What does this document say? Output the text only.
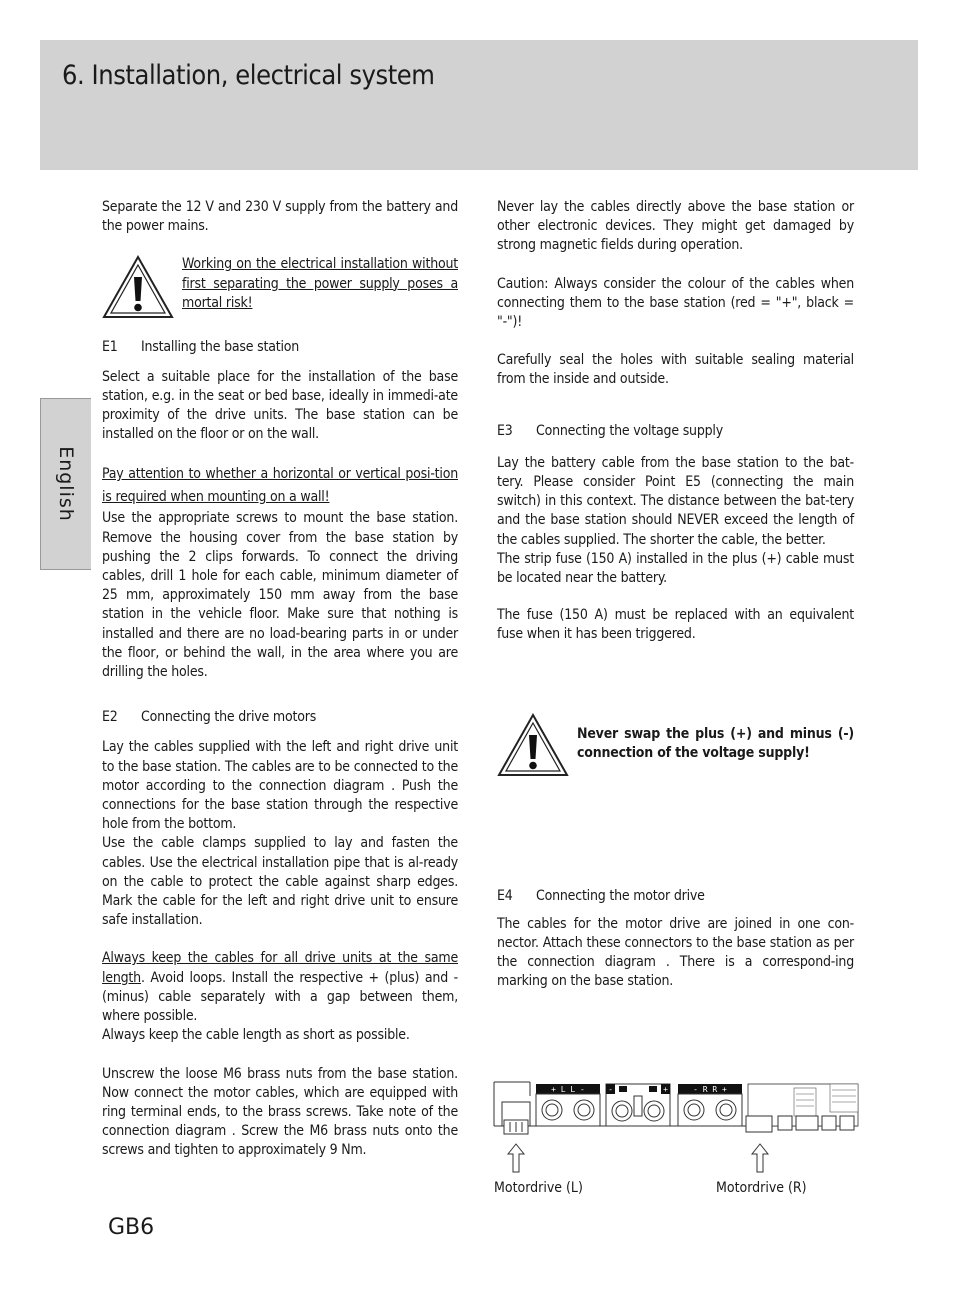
6. Installation, electrical system
English

Separate the 12 V and 230 V supply from the battery and the power mains.

Working on the electrical installation without first separating the power supply poses a mortal risk!

E1 Installing the base station

Select a suitable place for the installation of the base station, e.g. in the seat or bed base, ideally in immedi-ate proximity of the drive units. The base station can be installed on the floor or on the wall.

Pay attention to whether a horizontal or vertical posi-tion is required when mounting on a wall!

Use the appropriate screws to mount the base station. Remove the housing cover from the base station by pushing the 2 clips forwards. To connect the driving cables, drill 1 hole for each cable, minimum diameter of 25 mm, approximately 150 mm away from the base station in the vehicle floor. Make sure that nothing is installed and there are no load-bearing parts in or under the floor, or behind the wall, in the area where you are drilling the holes.

E2 Connecting the drive motors

Lay the cables supplied with the left and right drive unit to the base station. The cables are to be connected to the motor according to the connection diagram . Push the connections for the base station through the respective hole from the bottom.

Use the cable clamps supplied to lay and fasten the cables. Use the electrical installation pipe that is al-ready on the cable to protect the cable against sharp edges. Mark the cable for the left and right drive unit to ensure safe installation.

Always keep the cables for all drive units at the same length. Avoid loops. Install the respective + (plus) and - (minus) cable separately with a gap between them, where possible.

Always keep the cable length as short as possible.

Unscrew the loose M6 brass nuts from the base station. Now connect the motor cables, which are equipped with ring terminal ends, to the brass screws. Take note of the connection diagram . Screw the M6 brass nuts onto the screws and tighten to approximately 9 Nm.

Never lay the cables directly above the base station or other electronic devices. They might get damaged by strong magnetic fields during operation.

Caution: Always consider the colour of the cables when connecting them to the base station (red = "+", black = "-")!

Carefully seal the holes with suitable sealing material from the inside and outside.

E3 Connecting the voltage supply

Lay the battery cable from the base station to the bat-tery. Please consider Point E5 (connecting the main switch) in this context. The distance between the bat-tery and the base station should NEVER exceed the length of the cables supplied. The shorter the cable, the better.

The strip fuse (150 A) installed in the plus (+) cable must be located near the battery.

The fuse (150 A) must be replaced with an equivalent fuse when it has been triggered.

Never swap the plus (+) and minus (-) connection of the voltage supply!

E4 Connecting the motor drive

The cables for the motor drive are joined in one con-nector. Attach these connectors to the base station as per the connection diagram . There is a correspond-ing marking on the base station.

+ L L -	-	+	- R R +
Motordrive (L)	Motordrive (R)
GB6
